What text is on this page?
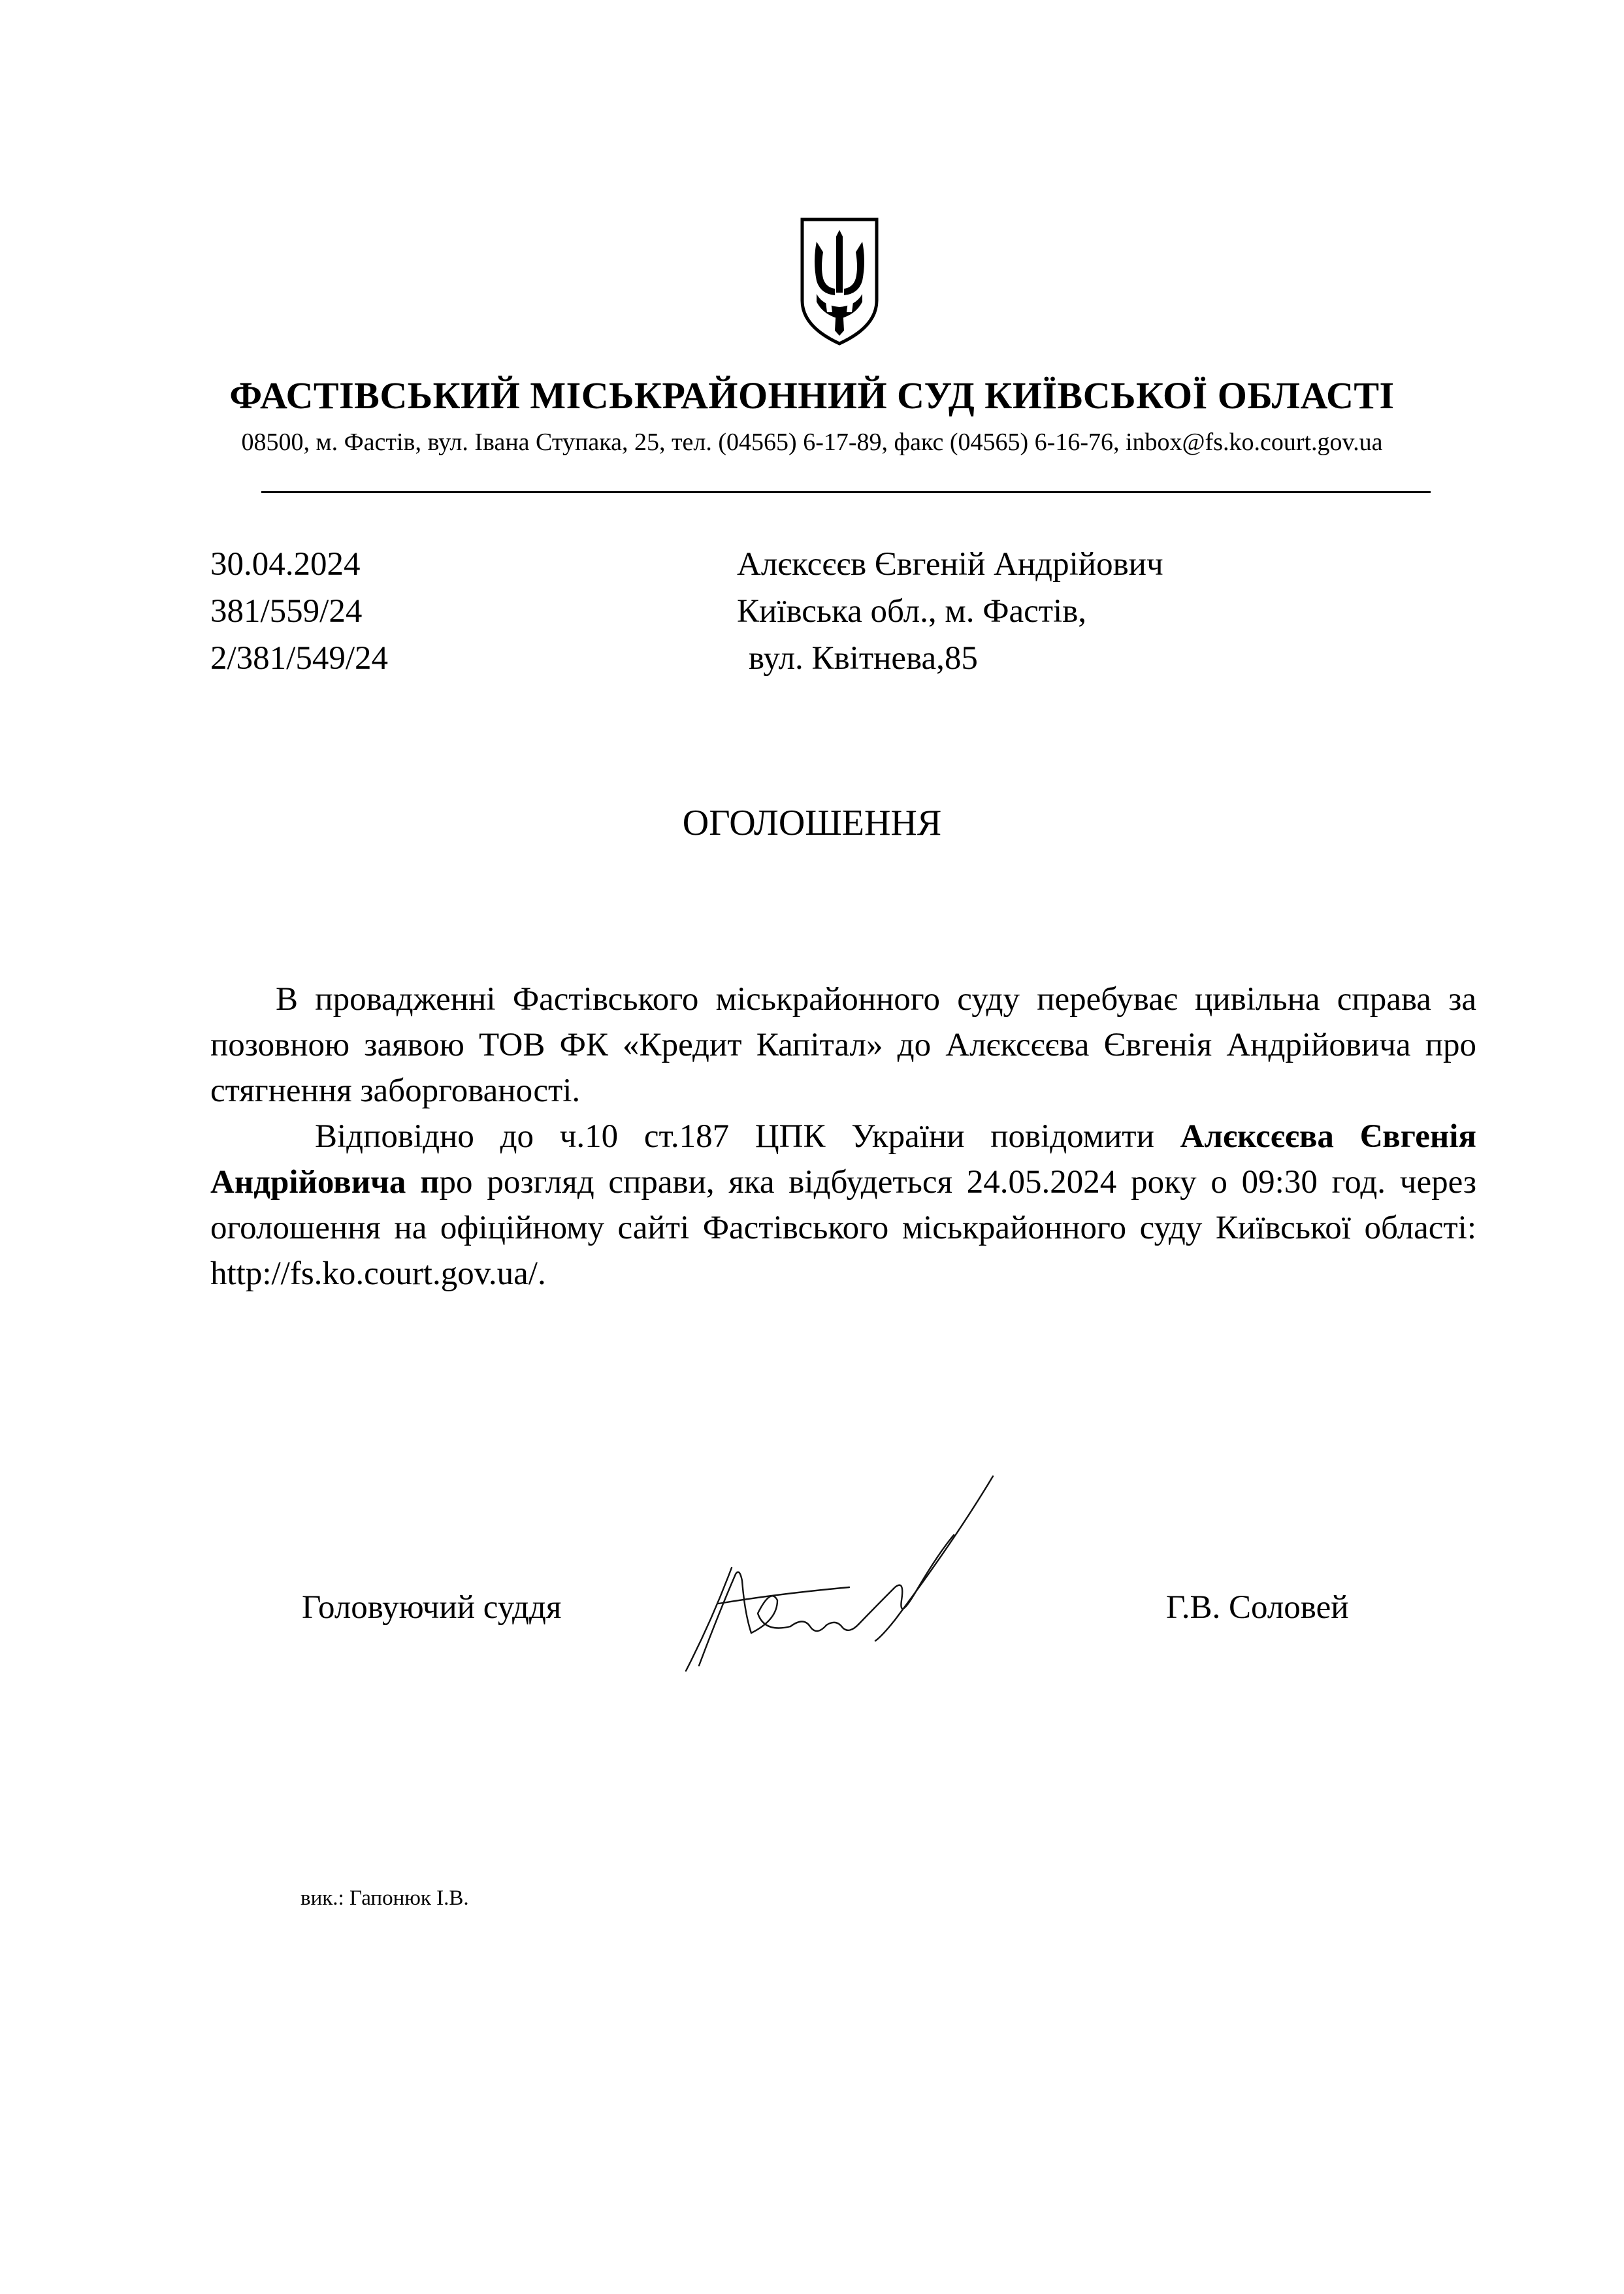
ФАСТІВСЬКИЙ МІСЬКРАЙОННИЙ СУД КИЇВСЬКОЇ ОБЛАСТІ
08500, м. Фастів, вул. Івана Ступака, 25, тел. (04565) 6-17-89, факс (04565) 6-16-76, inbox@fs.ko.court.gov.ua
30.04.2024
381/559/24
2/381/549/24
Алєксєєв Євгеній Андрійович
Київська обл., м. Фастів,
вул. Квітнева,85
ОГОЛОШЕННЯ

В провадженні Фастівського міськрайонного суду перебуває цивільна справа за позовною заявою ТОВ ФК «Кредит Капітал» до Алєксєєва Євгенія Андрійовича про стягнення заборгованості.

Відповідно до ч.10 ст.187 ЦПК України повідомити Алєксєєва Євгенія Андрійовича про розгляд справи, яка відбудеться 24.05.2024 року о 09:30 год. через оголошення на офіційному сайті Фастівського міськрайонного суду Київської області: http://fs.ko.court.gov.ua/.

Головуючий суддя	Г.В. Соловей
вик.: Гапонюк І.В.
